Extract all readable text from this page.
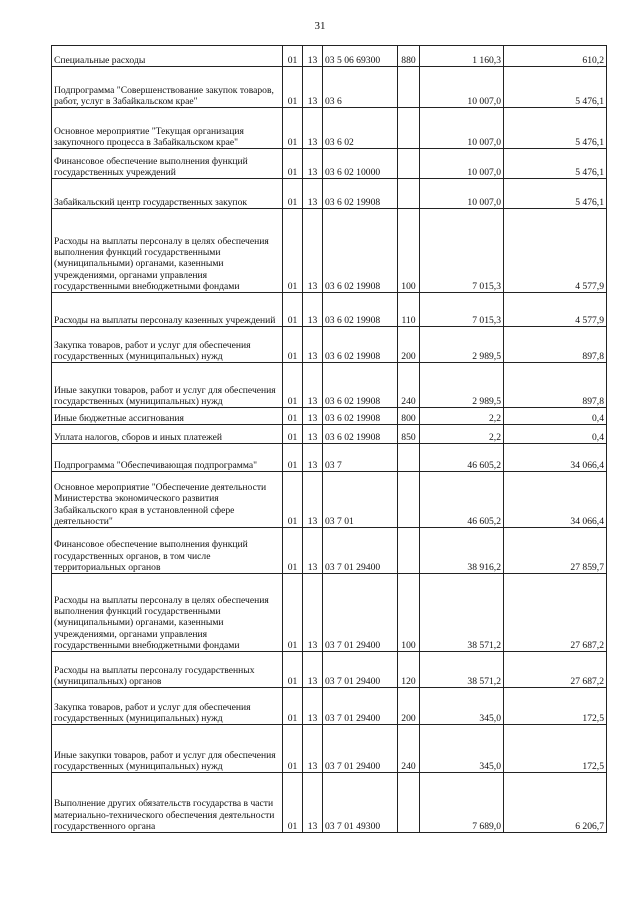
31
Специальные расходы	01	13	03 5 06 69300	880	1 160,3	610,2
Подпрограмма "Совершенствование закупок товаров, работ, услуг в Забайкальском крае"	01	13	03 6		10 007,0	5 476,1
Основное мероприятие "Текущая организация закупочного процесса в Забайкальском крае"	01	13	03 6 02		10 007,0	5 476,1
Финансовое обеспечение выполнения функций государственных учреждений	01	13	03 6 02 10000		10 007,0	5 476,1
Забайкальский центр государственных закупок	01	13	03 6 02 19908		10 007,0	5 476,1
Расходы на выплаты персоналу в целях обеспечения выполнения функций государственными (муниципальными) органами, казенными учреждениями, органами управления государственными внебюджетными фондами	01	13	03 6 02 19908	100	7 015,3	4 577,9
Расходы на выплаты персоналу казенных учреждений	01	13	03 6 02 19908	110	7 015,3	4 577,9
Закупка товаров, работ и услуг для обеспечения государственных (муниципальных) нужд	01	13	03 6 02 19908	200	2 989,5	897,8
Иные закупки товаров, работ и услуг для обеспечения государственных (муниципальных) нужд	01	13	03 6 02 19908	240	2 989,5	897,8
Иные бюджетные ассигнования	01	13	03 6 02 19908	800	2,2	0,4
Уплата налогов, сборов и иных платежей	01	13	03 6 02 19908	850	2,2	0,4
Подпрограмма "Обеспечивающая подпрограмма"	01	13	03 7		46 605,2	34 066,4
Основное мероприятие "Обеспечение деятельности Министерства экономического развития Забайкальского края в установленной сфере деятельности"	01	13	03 7 01		46 605,2	34 066,4
Финансовое обеспечение выполнения функций государственных органов, в том числе территориальных органов	01	13	03 7 01 29400		38 916,2	27 859,7
Расходы на выплаты персоналу в целях обеспечения выполнения функций государственными (муниципальными) органами, казенными учреждениями, органами управления государственными внебюджетными фондами	01	13	03 7 01 29400	100	38 571,2	27 687,2
Расходы на выплаты персоналу государственных (муниципальных) органов	01	13	03 7 01 29400	120	38 571,2	27 687,2
Закупка товаров, работ и услуг для обеспечения государственных (муниципальных) нужд	01	13	03 7 01 29400	200	345,0	172,5
Иные закупки товаров, работ и услуг для обеспечения государственных (муниципальных) нужд	01	13	03 7 01 29400	240	345,0	172,5
Выполнение других обязательств государства в части материально-технического обеспечения деятельности государственного органа	01	13	03 7 01 49300		7 689,0	6 206,7
